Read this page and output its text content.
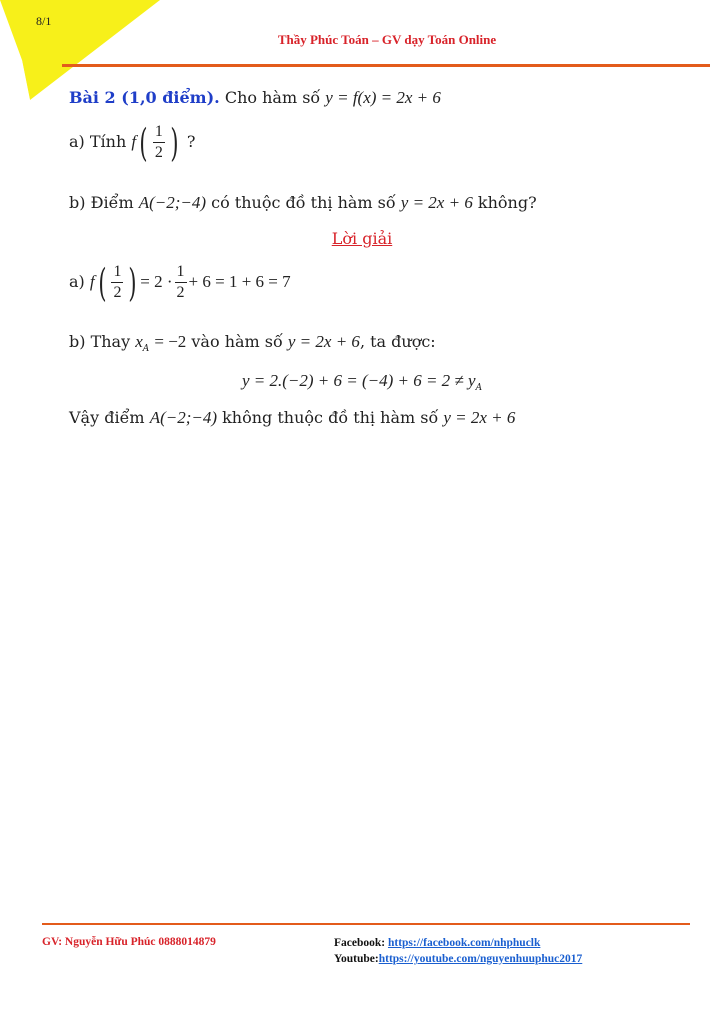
8/1
Thầy Phúc Toán – GV dạy Toán Online
Bài 2 (1,0 điểm). Cho hàm số y = f(x) = 2x + 6
a) Tính $f( \frac{1}{2}$ ) ?
b) Điểm A(−2;−4) có thuộc đồ thị hàm số y = 2x + 6 không?
Lời giải
a) $f( \frac{1}{2}$ ) = $2 \cdot \frac{1}{2} + 6 = 1 + 6 = 7$
b) Thay $x_A = -2$ vào hàm số y = 2x + 6, ta được:
$y = 2.(-2) + 6 = (-4) + 6 = 2 \ne y_A$
Vậy điểm A(−2;−4) không thuộc đồ thị hàm số y = 2x + 6
GV: Nguyễn Hữu Phúc 0888014879	Facebook: https://facebook.com/nhphuclk
Youtube:https://youtube.com/nguyenhuuphuc2017
